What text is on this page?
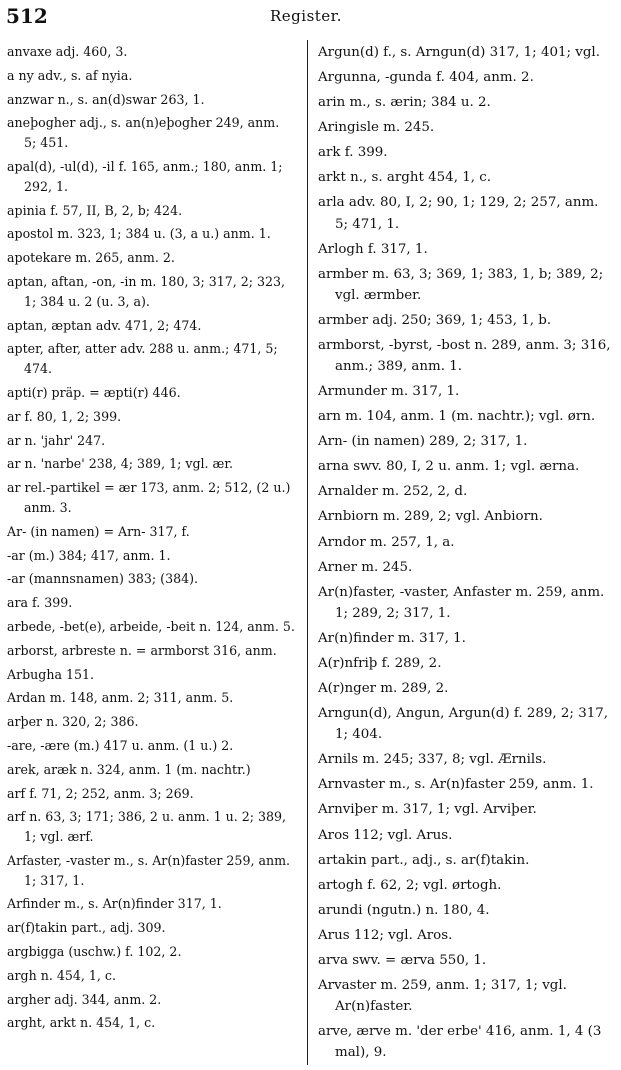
512	Register.

anvaxe adj. 460, 3.

a ny adv., s. af nyia.

anzwar n., s. an(d)swar 263, 1.

aneþogher adj., s. an(n)eþogher 249, anm. 5; 451.

apal(d), -ul(d), -il f. 165, anm.; 180, anm. 1; 292, 1.

apinia f. 57, II, B, 2, b; 424.

apostol m. 323, 1; 384 u. (3, a u.) anm. 1.

apotekare m. 265, anm. 2.

aptan, aftan, -on, -in m. 180, 3; 317, 2; 323, 1; 384 u. 2 (u. 3, a).

aptan, æptan adv. 471, 2; 474.

apter, after, atter adv. 288 u. anm.; 471, 5; 474.

apti(r) präp. = æpti(r) 446.

ar f. 80, 1, 2; 399.

ar n. 'jahr' 247.

ar n. 'narbe' 238, 4; 389, 1; vgl. ær.

ar rel.-partikel = ær 173, anm. 2; 512, (2 u.) anm. 3.

Ar- (in namen) = Arn- 317, f.

-ar (m.) 384; 417, anm. 1.

-ar (mannsnamen) 383; (384).

ara f. 399.

arbede, -bet(e), arbeide, -beit n. 124, anm. 5.

arborst, arbreste n. = armborst 316, anm.

Arbugha 151.

Ardan m. 148, anm. 2; 311, anm. 5.

arþer n. 320, 2; 386.

-are, -ære (m.) 417 u. anm. (1 u.) 2.

arek, aræk n. 324, anm. 1 (m. nachtr.)

arf f. 71, 2; 252, anm. 3; 269.

arf n. 63, 3; 171; 386, 2 u. anm. 1 u. 2; 389, 1; vgl. ærf.

Arfaster, -vaster m., s. Ar(n)faster 259, anm. 1; 317, 1.

Arfinder m., s. Ar(n)finder 317, 1.

ar(f)takin part., adj. 309.

argbigga (uschw.) f. 102, 2.

argh n. 454, 1, c.

argher adj. 344, anm. 2.

arght, arkt n. 454, 1, c.

Argun(d) f., s. Arngun(d) 317, 1; 401; vgl.

Argunna, -gunda f. 404, anm. 2.

arin m., s. ærin; 384 u. 2.

Aringisle m. 245.

ark f. 399.

arkt n., s. arght 454, 1, c.

arla adv. 80, I, 2; 90, 1; 129, 2; 257, anm. 5; 471, 1.

Arlogh f. 317, 1.

armber m. 63, 3; 369, 1; 383, 1, b; 389, 2; vgl. ærmber.

armber adj. 250; 369, 1; 453, 1, b.

armborst, -byrst, -bost n. 289, anm. 3; 316, anm.; 389, anm. 1.

Armunder m. 317, 1.

arn m. 104, anm. 1 (m. nachtr.); vgl. ørn.

Arn- (in namen) 289, 2; 317, 1.

arna swv. 80, I, 2 u. anm. 1; vgl. ærna.

Arnalder m. 252, 2, d.

Arnbiorn m. 289, 2; vgl. Anbiorn.

Arndor m. 257, 1, a.

Arner m. 245.

Ar(n)faster, -vaster, Anfaster m. 259, anm. 1; 289, 2; 317, 1.

Ar(n)finder m. 317, 1.

A(r)nfriþ f. 289, 2.

A(r)nger m. 289, 2.

Arngun(d), Angun, Argun(d) f. 289, 2; 317, 1; 404.

Arnils m. 245; 337, 8; vgl. Ærnils.

Arnvaster m., s. Ar(n)faster 259, anm. 1.

Arnviþer m. 317, 1; vgl. Arviþer.

Aros 112; vgl. Arus.

artakin part., adj., s. ar(f)takin.

artogh f. 62, 2; vgl. ørtogh.

arundi (ngutn.) n. 180, 4.

Arus 112; vgl. Aros.

arva swv. = ærva 550, 1.

Arvaster m. 259, anm. 1; 317, 1; vgl. Ar(n)faster.

arve, ærve m. 'der erbe' 416, anm. 1, 4 (3 mal), 9.
